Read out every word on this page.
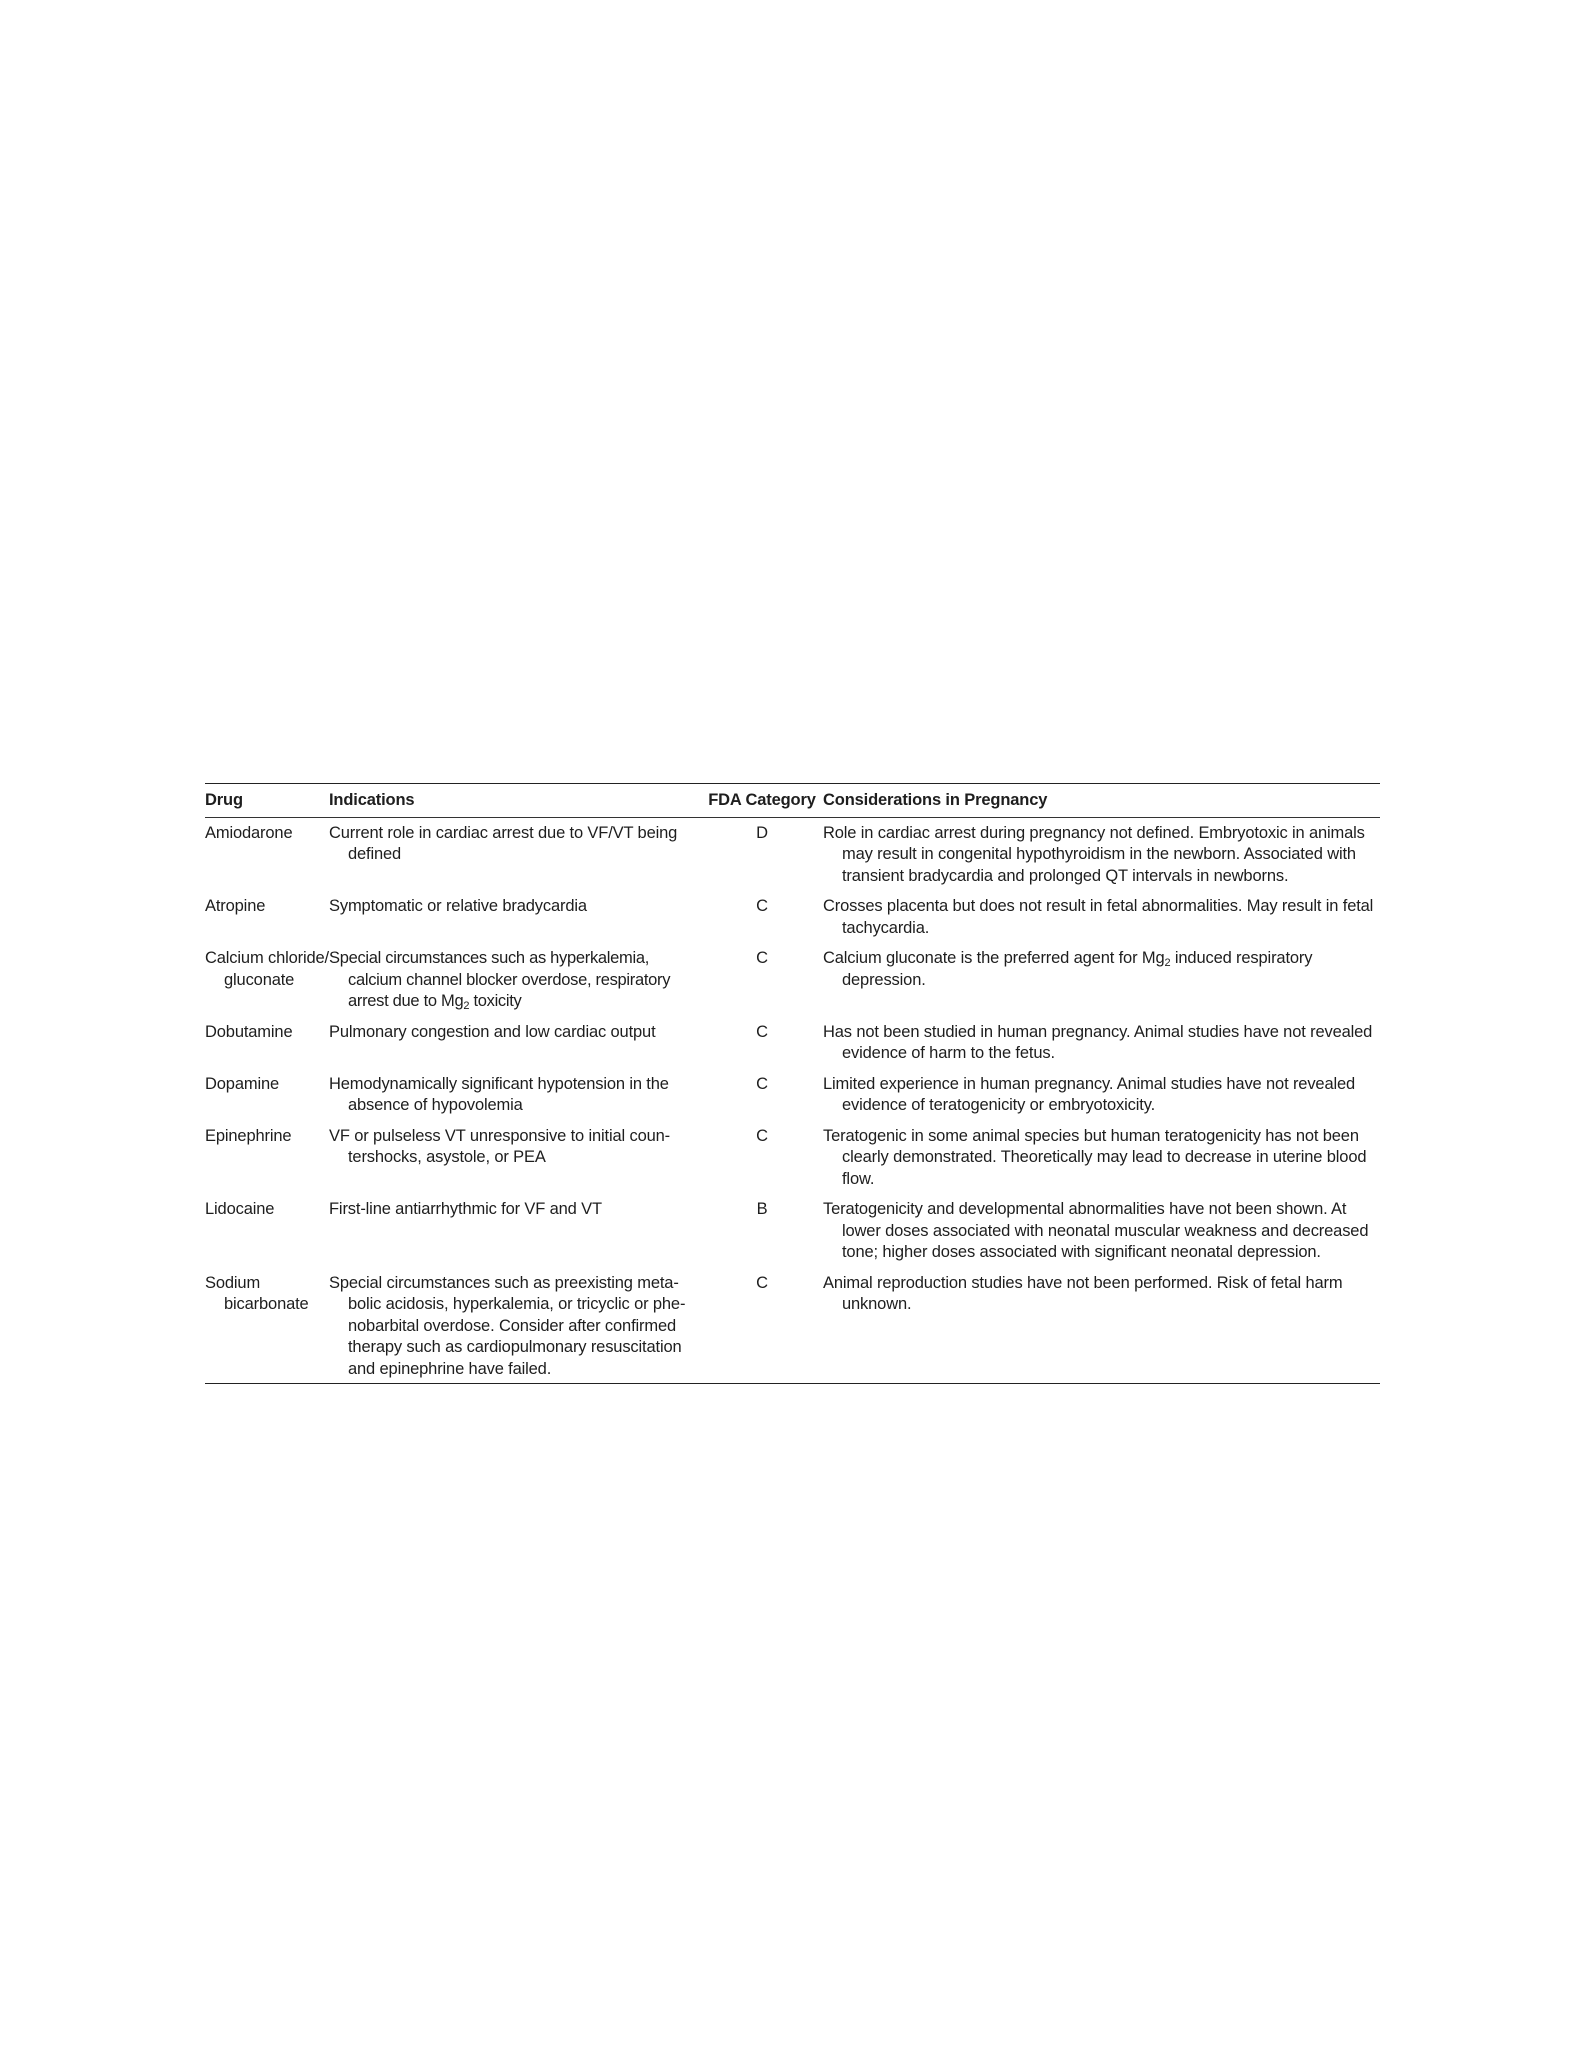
Drug	Indications	FDA Category	Considerations in Pregnancy
Amiodarone	Current role in cardiac arrest due to VF/VT being defined	D	Role in cardiac arrest during pregnancy not defined. Embryotoxic in animals may result in congenital hypothyroidism in the newborn. Associated with transient bradycardia and prolonged QT intervals in newborns.
Atropine	Symptomatic or relative bradycardia	C	Crosses placenta but does not result in fetal abnormalities. May result in fetal tachycardia.
Calcium chloride/ gluconate	Special circumstances such as hyperkalemia, calcium channel blocker overdose, respiratory arrest due to $Mg_2$ toxicity	C	Calcium gluconate is the preferred agent for $Mg_2$ induced respiratory depression.
Dobutamine	Pulmonary congestion and low cardiac output	C	Has not been studied in human pregnancy. Animal studies have not revealed evidence of harm to the fetus.
Dopamine	Hemodynamically significant hypotension in the absence of hypovolemia	C	Limited experience in human pregnancy. Animal studies have not revealed evidence of teratogenicity or embryotoxicity.
Epinephrine	VF or pulseless VT unresponsive to initial coun-tershocks, asystole, or PEA	C	Teratogenic in some animal species but human teratogenicity has not been clearly demonstrated. Theoretically may lead to decrease in uterine blood flow.
Lidocaine	First-line antiarrhythmic for VF and VT	B	Teratogenicity and developmental abnormalities have not been shown. At lower doses associated with neonatal muscular weakness and decreased tone; higher doses associated with significant neonatal depression.
Sodium bicarbonate	Special circumstances such as preexisting meta-bolic acidosis, hyperkalemia, or tricyclic or phe-nobarbital overdose. Consider after confirmed therapy such as cardiopulmonary resuscitation and epinephrine have failed.	C	Animal reproduction studies have not been performed. Risk of fetal harm unknown.
